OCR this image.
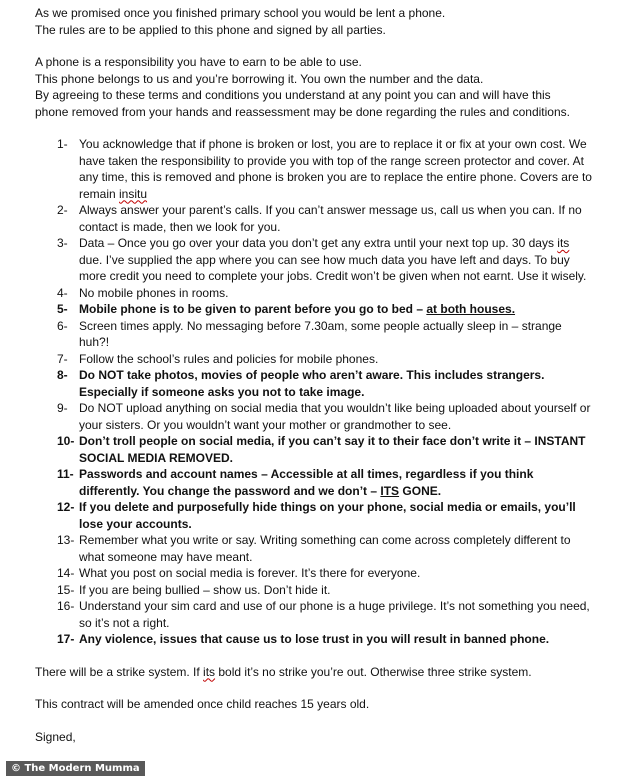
As we promised once you finished primary school you would be lent a phone.
The rules are to be applied to this phone and signed by all parties.
A phone is a responsibility you have to earn to be able to use.
This phone belongs to us and you’re borrowing it. You own the number and the data.
By agreeing to these terms and conditions you understand at any point you can and will have this
phone removed from your hands and reassessment may be done regarding the rules and conditions.
1- You acknowledge that if phone is broken or lost, you are to replace it or fix at your own cost. We have taken the responsibility to provide you with top of the range screen protector and cover. At any time, this is removed and phone is broken you are to replace the entire phone. Covers are to remain insitu
2- Always answer your parent’s calls. If you can’t answer message us, call us when you can. If no contact is made, then we look for you.
3- Data – Once you go over your data you don’t get any extra until your next top up. 30 days its due. I’ve supplied the app where you can see how much data you have left and days. To buy more credit you need to complete your jobs. Credit won’t be given when not earnt. Use it wisely.
4- No mobile phones in rooms.
5- Mobile phone is to be given to parent before you go to bed – at both houses.
6- Screen times apply. No messaging before 7.30am, some people actually sleep in – strange huh?!
7- Follow the school’s rules and policies for mobile phones.
8- Do NOT take photos, movies of people who aren’t aware. This includes strangers. Especially if someone asks you not to take image.
9- Do NOT upload anything on social media that you wouldn’t like being uploaded about yourself or your sisters. Or you wouldn’t want your mother or grandmother to see.
10- Don’t troll people on social media, if you can’t say it to their face don’t write it – INSTANT SOCIAL MEDIA REMOVED.
11- Passwords and account names – Accessible at all times, regardless if you think differently. You change the password and we don’t – ITS GONE.
12- If you delete and purposefully hide things on your phone, social media or emails, you’ll lose your accounts.
13- Remember what you write or say. Writing something can come across completely different to what someone may have meant.
14- What you post on social media is forever. It’s there for everyone.
15- If you are being bullied – show us. Don’t hide it.
16- Understand your sim card and use of our phone is a huge privilege. It’s not something you need, so it’s not a right.
17- Any violence, issues that cause us to lose trust in you will result in banned phone.
There will be a strike system. If its bold it’s no strike you’re out. Otherwise three strike system.
This contract will be amended once child reaches 15 years old.
Signed,
© The Modern Mumma
